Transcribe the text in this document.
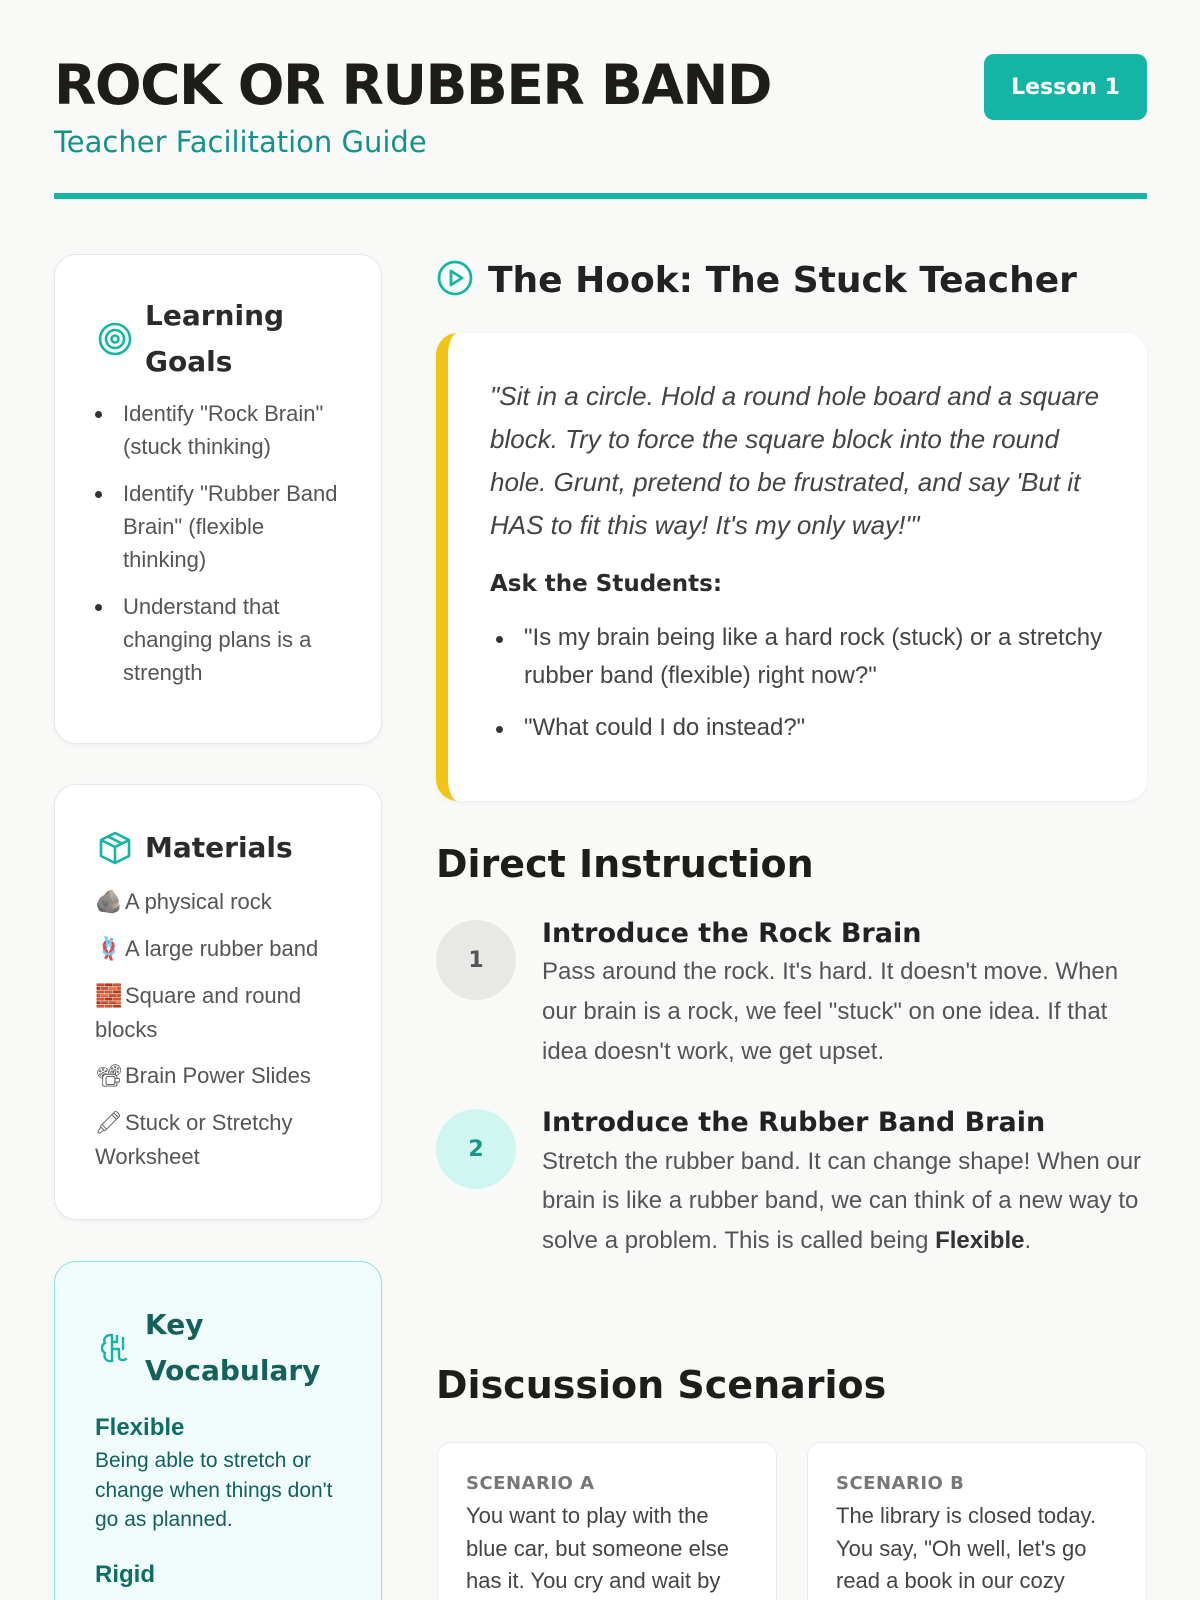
ROCK OR RUBBER BAND
Teacher Facilitation Guide
Lesson 1
Learning Goals
Identify "Rock Brain" (stuck thinking)
Identify "Rubber Band Brain" (flexible thinking)
Understand that changing plans is a strength
Materials
🪨 A physical rock
🪢 A large rubber band
🧱 Square and round blocks
📽Brain Power Slides
🖍Stuck or Stretchy Worksheet
Key Vocabulary
Flexible
Being able to stretch or change when things don't go as planned.
Rigid
The Hook: The Stuck Teacher

"Sit in a circle. Hold a round hole board and a square block. Try to force the square block into the round hole. Grunt, pretend to be frustrated, and say 'But it HAS to fit this way! It's my only way!'"

Ask the Students:
"Is my brain being like a hard rock (stuck) or a stretchy rubber band (flexible) right now?"
"What could I do instead?"
Direct Instruction
1
Introduce the Rock Brain

Pass around the rock. It's hard. It doesn't move. When our brain is a rock, we feel "stuck" on one idea. If that idea doesn't work, we get upset.

2
Introduce the Rubber Band Brain

Stretch the rubber band. It can change shape! When our brain is like a rubber band, we can think of a new way to solve a problem. This is called being Flexible.

Discussion Scenarios
SCENARIO A
You want to play with the blue car, but someone else has it. You cry and wait by
SCENARIO B
The library is closed today. You say, "Oh well, let's go read a book in our cozy
